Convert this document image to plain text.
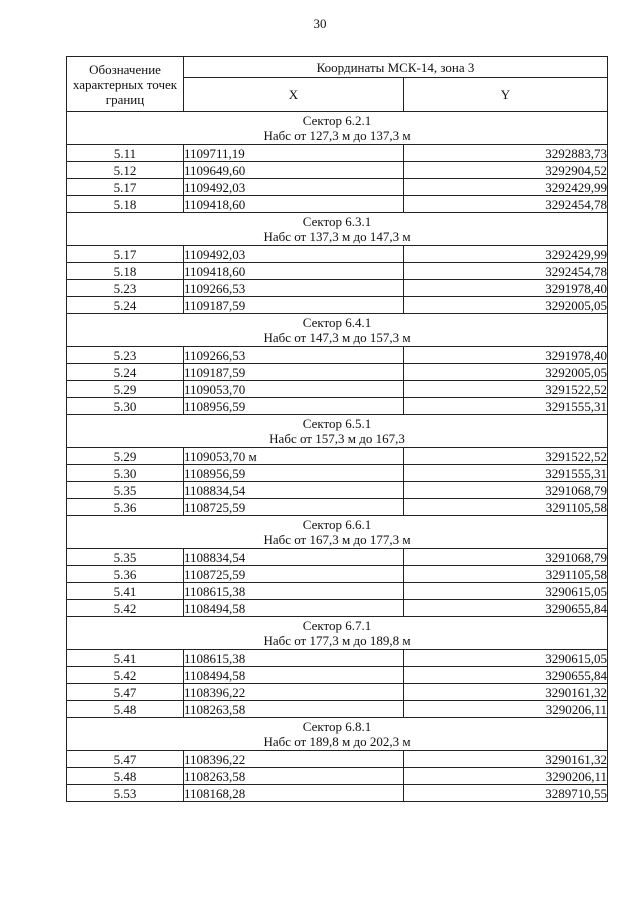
30
Обозначение характерных точек границ	Координаты МСК-14, зона 3	
	X	Y

Сектор 6.2.1
Набс от 127,3 м до 137,3 м		

5.11	1109711,19	3292883,73
5.12	1109649,60	3292904,52
5.17	1109492,03	3292429,99
5.18	1109418,60	3292454,78

Сектор 6.3.1
Набс от 137,3 м до 147,3 м		

5.17	1109492,03	3292429,99
5.18	1109418,60	3292454,78
5.23	1109266,53	3291978,40
5.24	1109187,59	3292005,05

Сектор 6.4.1
Набс от 147,3 м до 157,3 м		

5.23	1109266,53	3291978,40
5.24	1109187,59	3292005,05
5.29	1109053,70	3291522,52
5.30	1108956,59	3291555,31

Сектор 6.5.1
Набс от 157,3 м до 167,3		

5.29	1109053,70 м	3291522,52
5.30	1108956,59	3291555,31
5.35	1108834,54	3291068,79
5.36	1108725,59	3291105,58

Сектор 6.6.1
Набс от 167,3 м до 177,3 м		

5.35	1108834,54	3291068,79
5.36	1108725,59	3291105,58
5.41	1108615,38	3290615,05
5.42	1108494,58	3290655,84

Сектор 6.7.1
Набс от 177,3 м до 189,8 м		

5.41	1108615,38	3290615,05
5.42	1108494,58	3290655,84
5.47	1108396,22	3290161,32
5.48	1108263,58	3290206,11

Сектор 6.8.1
Набс от 189,8 м до 202,3 м		

5.47	1108396,22	3290161,32
5.48	1108263,58	3290206,11
5.53	1108168,28	3289710,55
